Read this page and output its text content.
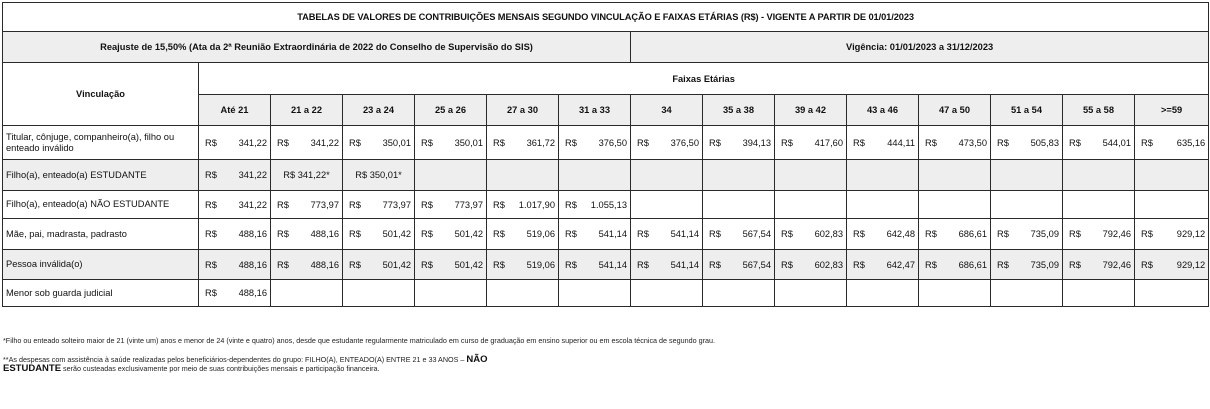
TABELAS DE VALORES DE CONTRIBUIÇÕES MENSAIS SEGUNDO VINCULAÇÃO E FAIXAS ETÁRIAS (R$) - VIGENTE A PARTIR DE 01/01/2023														
Reajuste de 15,50% (Ata da 2ª Reunião Extraordinária de 2022 do Conselho de Supervisão do SIS)							Vigência: 01/01/2023 a 31/12/2023							
Vinculação	Faixas Etárias													
	Até 21	21 a 22	23 a 24	25 a 26	27 a 30	31 a 33	34	35 a 38	39 a 42	43 a 46	47 a 50	51 a 54	55 a 58	>=59
Titular, cônjuge, companheiro(a), filho ou enteado inválido	R$ 341,22	R$ 341,22	R$ 350,01	R$ 350,01	R$ 361,72	R$ 376,50	R$ 376,50	R$ 394,13	R$ 417,60	R$ 444,11	R$ 473,50	R$ 505,83	R$ 544,01	R$ 635,16

Filho(a), enteado(a) ESTUDANTE	R$ 341,22	R$ 341,22*	R$ 350,01*											
Filho(a), enteado(a) NÃO ESTUDANTE	R$ 341,22	R$ 773,97	R$ 773,97	R$ 773,97	R$ 1.017,90	R$ 1.055,13								

Mãe, pai, madrasta, padrasto	R$ 488,16	R$ 488,16	R$ 501,42	R$ 501,42	R$ 519,06	R$ 541,14	R$ 541,14	R$ 567,54	R$ 602,83	R$ 642,48	R$ 686,61	R$ 735,09	R$ 792,46	R$ 929,12

Pessoa inválida(o)	R$ 488,16	R$ 488,16	R$ 501,42	R$ 501,42	R$ 519,06	R$ 541,14	R$ 541,14	R$ 567,54	R$ 602,83	R$ 642,47	R$ 686,61	R$ 735,09	R$ 792,46	R$ 929,12

Menor sob guarda judicial	R$ 488,16													

*Filho ou enteado solteiro maior de 21 (vinte um) anos e menor de 24 (vinte e quatro) anos, desde que estudante regularmente matriculado em curso de graduação em ensino superior ou em escola técnica de segundo grau.

**As despesas com assistência à saúde realizadas pelos beneficiários-dependentes do grupo: FILHO(A), ENTEADO(A) ENTRE 21 e 33 ANOS – NÃO
ESTUDANTE serão custeadas exclusivamente por meio de suas contribuições mensais e participação financeira.
